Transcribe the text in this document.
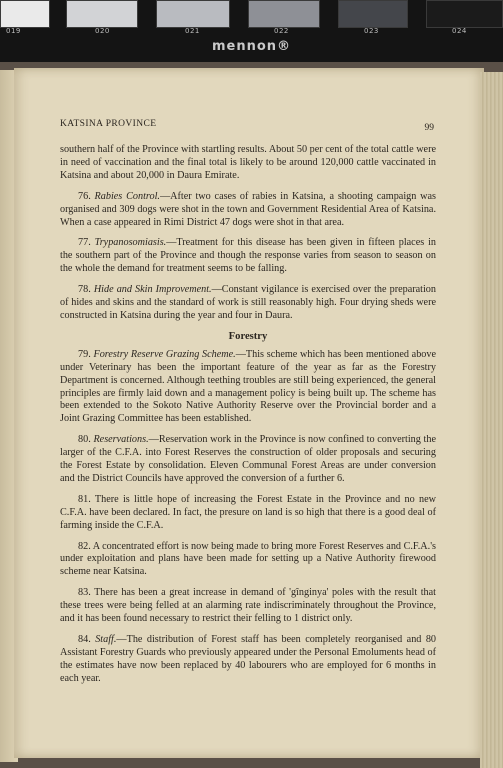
019	020	021	022	023	024
mennon®
KATSINA PROVINCE	99

southern half of the Province with startling results. About 50 per cent of the total cattle were in need of vaccination and the final total is likely to be around 120,000 cattle vaccinated in Katsina and about 20,000 in Daura Emirate.

76. Rabies Control.—After two cases of rabies in Katsina, a shooting campaign was organised and 309 dogs were shot in the town and Government Residential Area of Katsina. When a case appeared in Rimi District 47 dogs were shot in that area.

77. Trypanosomiasis.—Treatment for this disease has been given in fifteen places in the southern part of the Province and though the response varies from season to season on the whole the demand for treatment seems to be falling.

78. Hide and Skin Improvement.—Constant vigilance is exercised over the preparation of hides and skins and the standard of work is still reasonably high. Four drying sheds were constructed in Katsina during the year and four in Daura.

Forestry

79. Forestry Reserve Grazing Scheme.—This scheme which has been mentioned above under Veterinary has been the important feature of the year as far as the Forestry Department is concerned. Although teething troubles are still being experienced, the general principles are firmly laid down and a management policy is being built up. The scheme has been extended to the Sokoto Native Authority Reserve over the Provincial border and a Joint Grazing Committee has been established.

80. Reservations.—Reservation work in the Province is now confined to converting the larger of the C.F.A. into Forest Reserves the construction of older proposals and securing the Forest Estate by consolidation. Eleven Communal Forest Areas are under conversion and the District Councils have approved the conversion of a further 6.

81. There is little hope of increasing the Forest Estate in the Province and no new C.F.A. have been declared. In fact, the presure on land is so high that there is a good deal of farming inside the C.F.A.

82. A concentrated effort is now being made to bring more Forest Reserves and C.F.A.'s under exploitation and plans have been made for setting up a Native Authority firewood scheme near Katsina.

83. There has been a great increase in demand of 'gînginya' poles with the result that these trees were being felled at an alarming rate indiscriminately throughout the Province, and it has been found necessary to restrict their felling to 1 district only.

84. Staff.—The distribution of Forest staff has been completely reorganised and 80 Assistant Forestry Guards who previously appeared under the Personal Emoluments head of the estimates have now been replaced by 40 labourers who are employed for 6 months in each year.
